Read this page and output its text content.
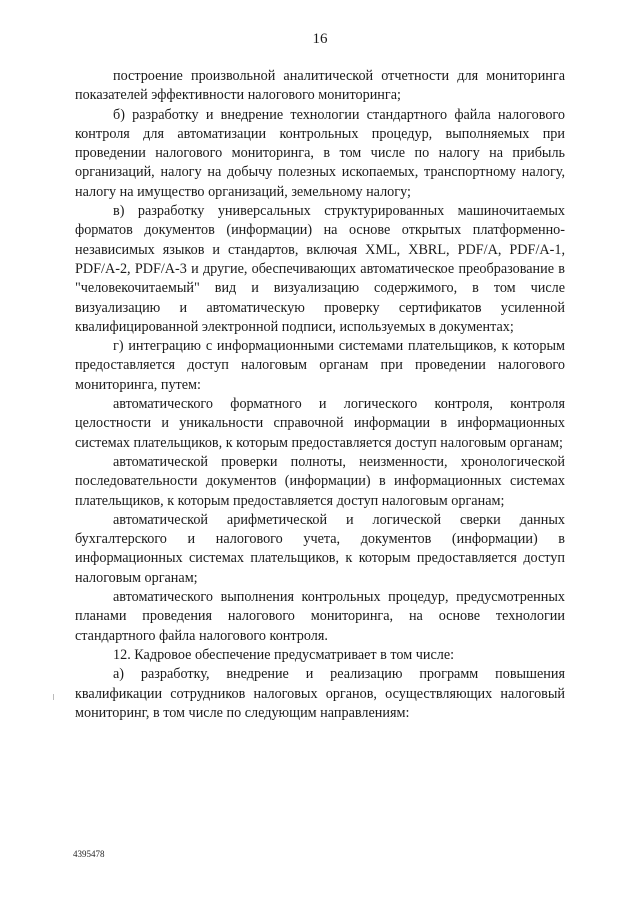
16

построение произвольной аналитической отчетности для мониторинга показателей эффективности налогового мониторинга;

б) разработку и внедрение технологии стандартного файла налогового контроля для автоматизации контрольных процедур, выполняемых при проведении налогового мониторинга, в том числе по налогу на прибыль организаций, налогу на добычу полезных ископаемых, транспортному налогу, налогу на имущество организаций, земельному налогу;

в) разработку универсальных структурированных машиночитаемых форматов документов (информации) на основе открытых платформенно-независимых языков и стандартов, включая XML, XBRL, PDF/A, PDF/A-1, PDF/A-2, PDF/A-3 и другие, обеспечивающих автоматическое преобразование в "человекочитаемый" вид и визуализацию содержимого, в том числе визуализацию и автоматическую проверку сертификатов усиленной квалифицированной электронной подписи, используемых в документах;

г) интеграцию с информационными системами плательщиков, к которым предоставляется доступ налоговым органам при проведении налогового мониторинга, путем:

автоматического форматного и логического контроля, контроля целостности и уникальности справочной информации в информационных системах плательщиков, к которым предоставляется доступ налоговым органам;

автоматической проверки полноты, неизменности, хронологической последовательности документов (информации) в информационных системах плательщиков, к которым предоставляется доступ налоговым органам;

автоматической арифметической и логической сверки данных бухгалтерского и налогового учета, документов (информации) в информационных системах плательщиков, к которым предоставляется доступ налоговым органам;

автоматического выполнения контрольных процедур, предусмотренных планами проведения налогового мониторинга, на основе технологии стандартного файла налогового контроля.

12. Кадровое обеспечение предусматривает в том числе:

а) разработку, внедрение и реализацию программ повышения квалификации сотрудников налоговых органов, осуществляющих налоговый мониторинг, в том числе по следующим направлениям:

4395478
